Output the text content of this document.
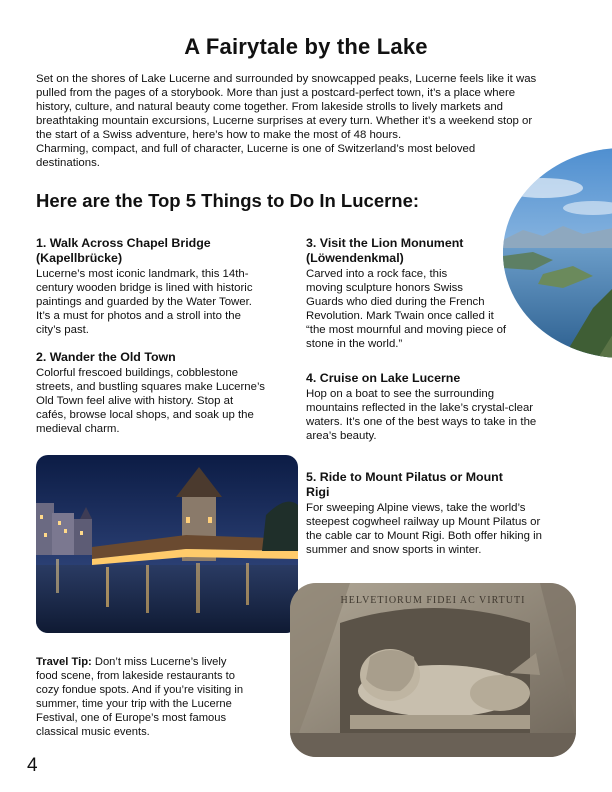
A Fairytale by the Lake

Set on the shores of Lake Lucerne and surrounded by snowcapped peaks, Lucerne feels like it was

pulled from the pages of a storybook. More than just a postcard-perfect town, it’s a place where

history, culture, and natural beauty come together. From lakeside strolls to lively markets and

breathtaking mountain excursions, Lucerne surprises at every turn. Whether it’s a weekend stop or

the start of a Swiss adventure, here’s how to make the most of 48 hours.

Charming, compact, and full of character, Lucerne is one of Switzerland’s most beloved

destinations.

Here are the Top 5 Things to Do In Lucerne:
1. Walk Across Chapel Bridge
(Kapellbrücke)

Lucerne’s most iconic landmark, this 14th-

century wooden bridge is lined with historic

paintings and guarded by the Water Tower.

It’s a must for photos and a stroll into the

city’s past.

2. Wander the Old Town

Colorful frescoed buildings, cobblestone

streets, and bustling squares make Lucerne’s

Old Town feel alive with history. Stop at

cafés, browse local shops, and soak up the

medieval charm.

3. Visit the Lion Monument
(Löwendenkmal)

Carved into a rock face, this

moving sculpture honors Swiss

Guards who died during the French

Revolution. Mark Twain once called it

“the most mournful and moving piece of

stone in the world.”

4. Cruise on Lake Lucerne

Hop on a boat to see the surrounding

mountains reflected in the lake’s crystal-clear

waters. It’s one of the best ways to take in the

area’s beauty.

5. Ride to Mount Pilatus or Mount
Rigi

For sweeping Alpine views, take the world’s

steepest cogwheel railway up Mount Pilatus or

the cable car to Mount Rigi. Both offer hiking in

summer and snow sports in winter.

HELVETIORUM FIDEI AC VIRTUTI

Travel Tip: Don’t miss Lucerne’s lively
food scene, from lakeside restaurants to
cozy fondue spots. And if you’re visiting in
summer, time your trip with the Lucerne
Festival, one of Europe’s most famous
classical music events.

4
